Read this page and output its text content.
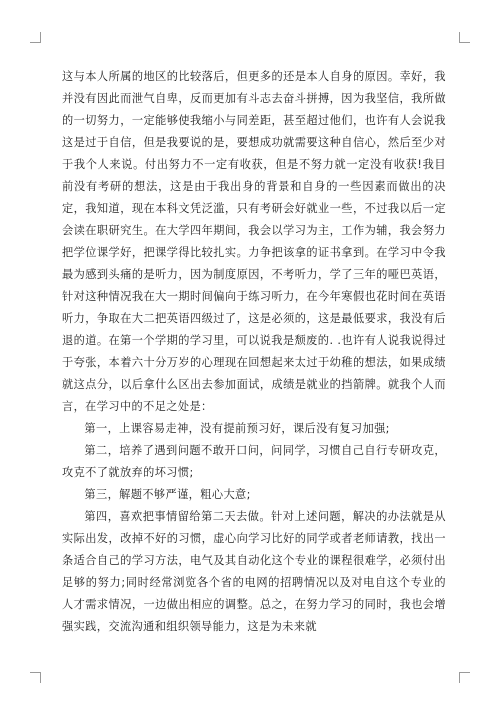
这与本人所属的地区的比较落后，但更多的还是本人自身的原因。幸好，我并没有因此而泄气自卑，反而更加有斗志去奋斗拼搏，因为我坚信，我所做的一切努力，一定能够使我缩小与同差距，甚至超过他们，也许有人会说我这是过于自信，但是我要说的是，要想成功就需要这种自信心，然后至少对于我个人来说。付出努力不一定有收获，但是不努力就一定没有收获!我目前没有考研的想法，这是由于我出身的背景和自身的一些因素而做出的决定，我知道，现在本科文凭泛滥，只有考研会好就业一些，不过我以后一定会读在职研究生。在大学四年期间，我会以学习为主，工作为辅，我会努力把学位课学好，把课学得比较扎实。力争把该拿的证书拿到。在学习中令我最为感到头痛的是听力，因为制度原因，不考听力，学了三年的哑巴英语，针对这种情况我在大一期时间偏向于练习听力，在今年寒假也花时间在英语听力，争取在大二把英语四级过了，这是必须的，这是最低要求，我没有后退的道。在第一个学期的学习里，可以说我是颓废的. .也许有人说我说得过于夸张，本着六十分万岁的心理现在回想起来太过于幼稚的想法，如果成绩就这点分，以后拿什么区出去参加面试，成绩是就业的挡箭牌。就我个人而言，在学习中的不足之处是：

第一，上课容易走神，没有提前预习好，课后没有复习加强;

第二，培养了遇到问题不敢开口问，问同学，习惯自己自行专研攻克，攻克不了就放弃的坏习惯;

第三，解题不够严谨，粗心大意;

第四，喜欢把事情留给第二天去做。针对上述问题，解决的办法就是从实际出发，改掉不好的习惯，虚心向学习比好的同学或者老师请教，找出一条适合自己的学习方法，电气及其自动化这个专业的课程很难学，必须付出足够的努力;同时经常浏览各个省的电网的招聘情况以及对电自这个专业的人才需求情况，一边做出相应的调整。总之，在努力学习的同时，我也会增强实践，交流沟通和组织领导能力，这是为未来就
